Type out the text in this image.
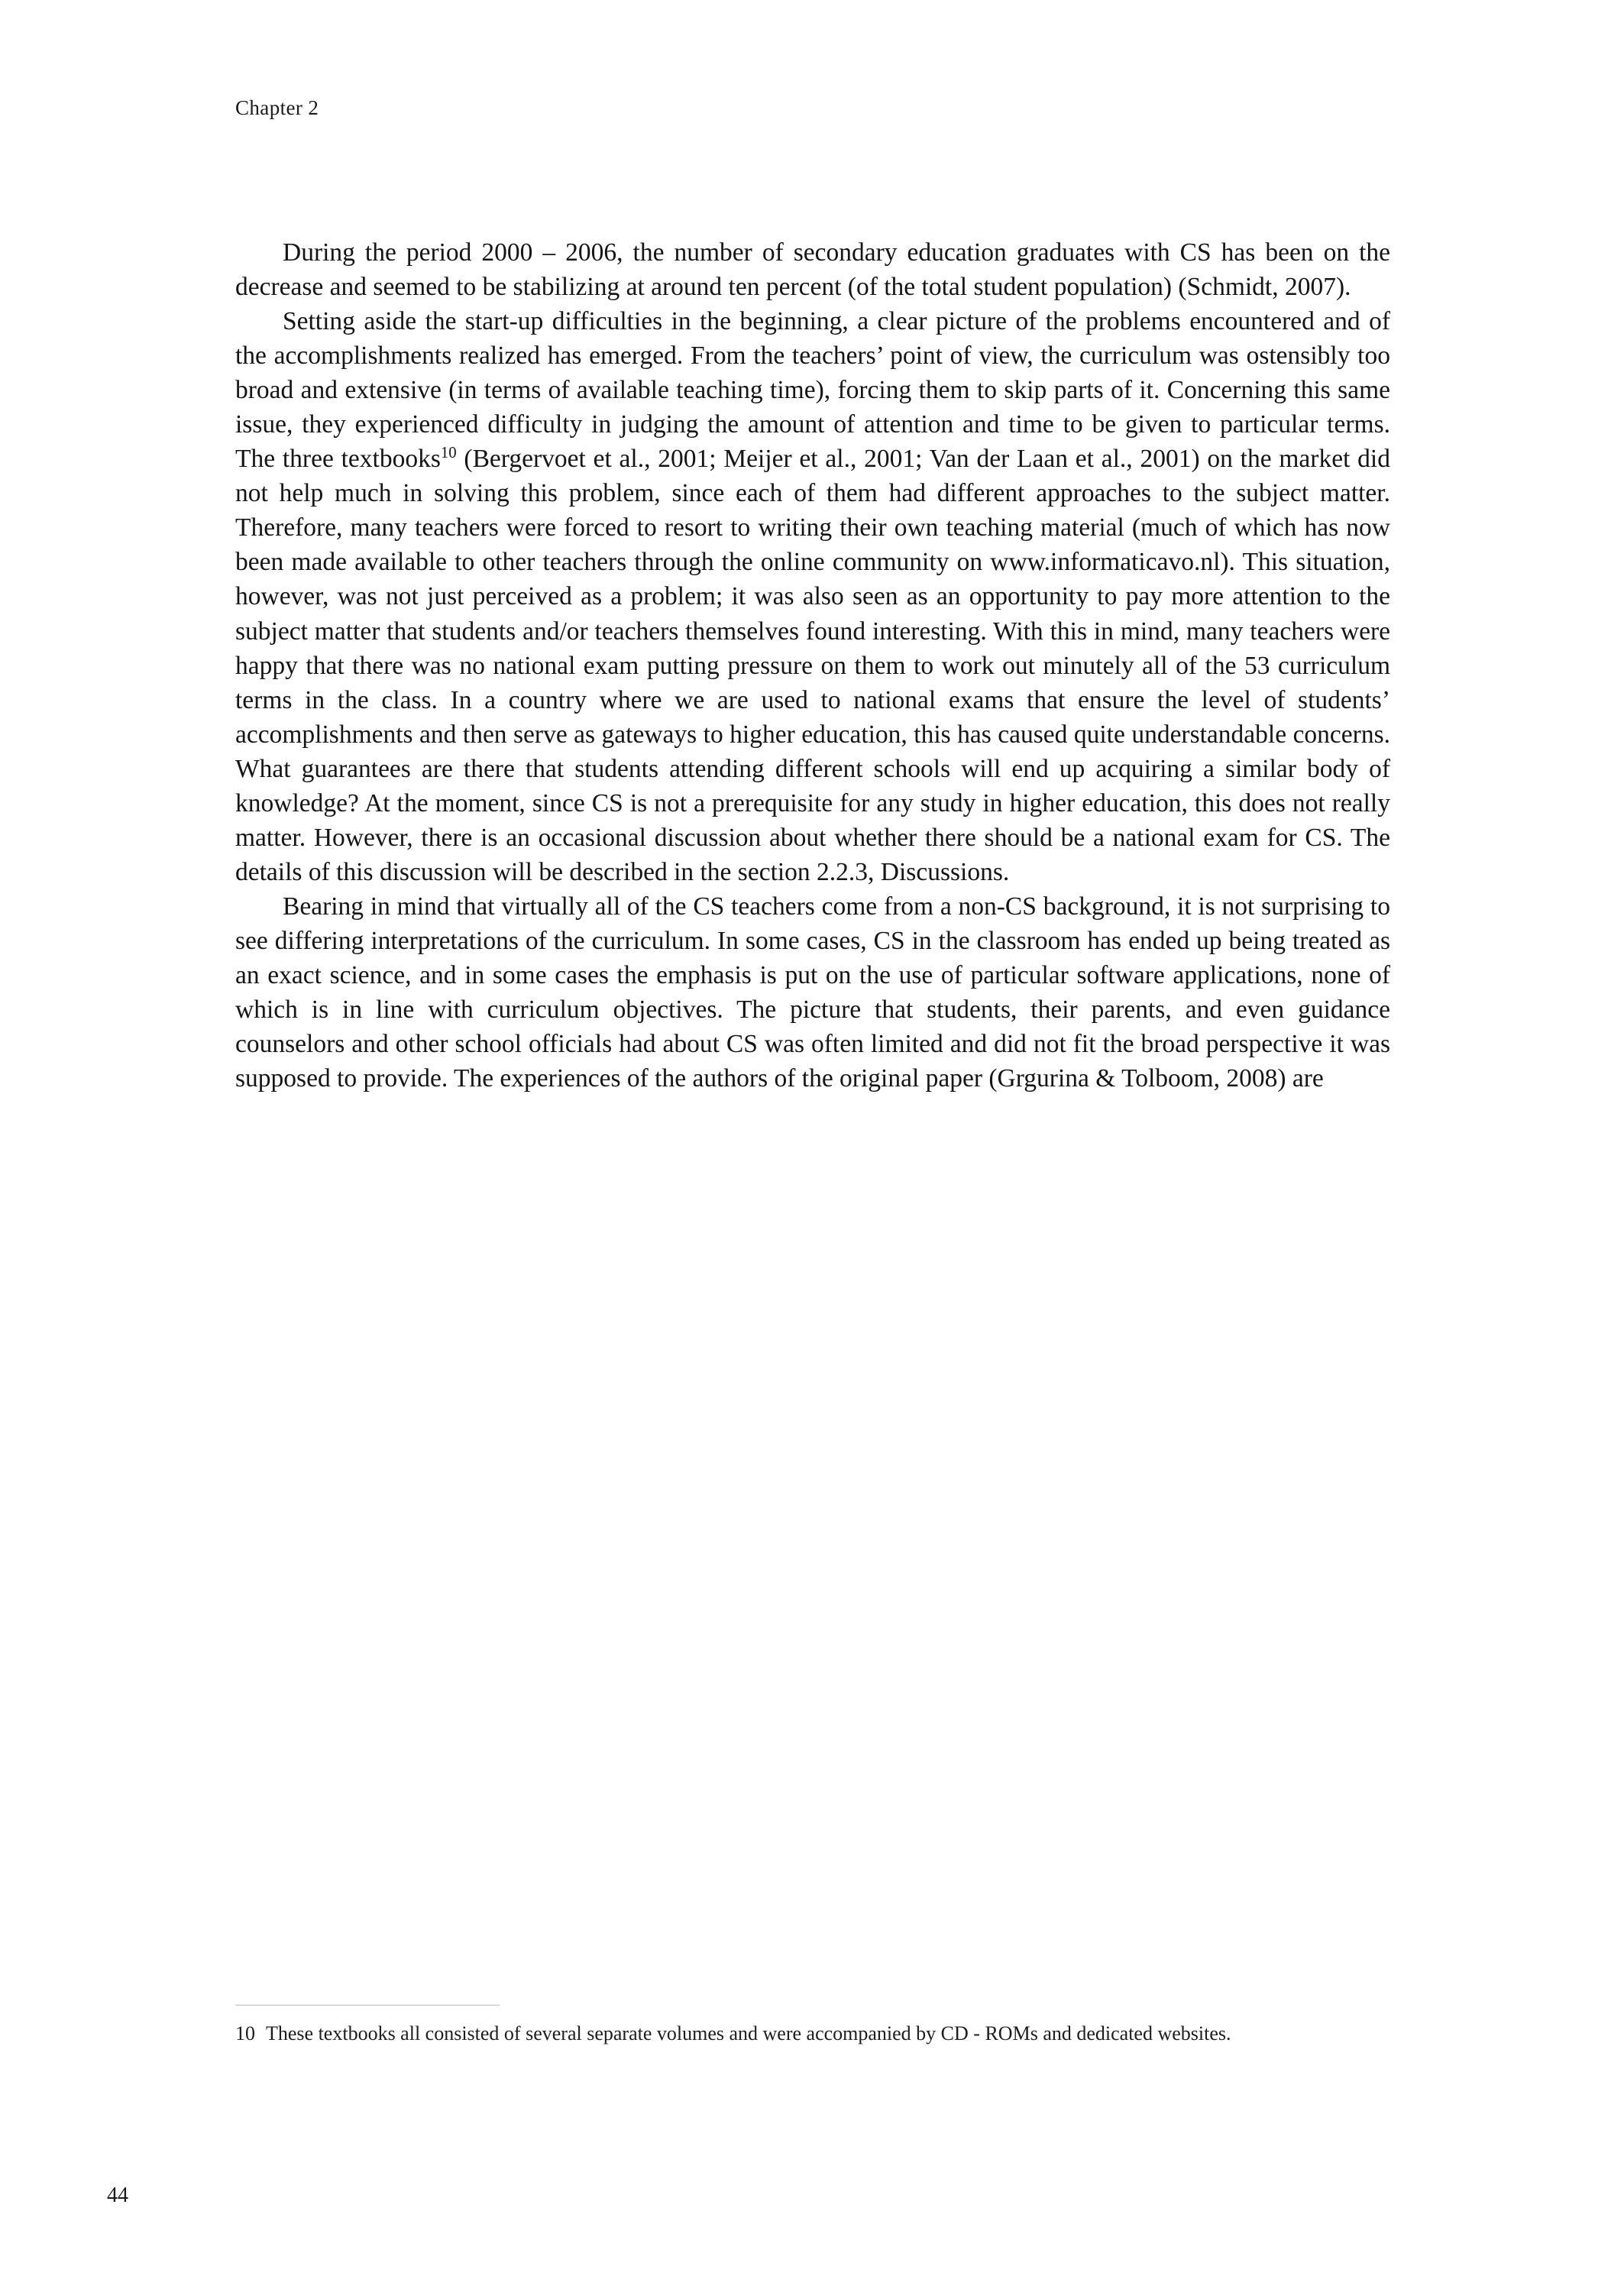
Chapter 2

During the period 2000 – 2006, the number of secondary education graduates with CS has been on the decrease and seemed to be stabilizing at around ten percent (of the total student population) (Schmidt, 2007).

Setting aside the start-up difficulties in the beginning, a clear picture of the problems encountered and of the accomplishments realized has emerged. From the teachers’ point of view, the curriculum was ostensibly too broad and extensive (in terms of available teaching time), forcing them to skip parts of it. Concerning this same issue, they experienced difficulty in judging the amount of attention and time to be given to particular terms. The three textbooks$^{10}$ (Bergervoet et al., 2001; Meijer et al., 2001; Van der Laan et al., 2001) on the market did not help much in solving this problem, since each of them had different approaches to the subject matter. Therefore, many teachers were forced to resort to writing their own teaching material (much of which has now been made available to other teachers through the online community on www.informaticavo.nl). This situation, however, was not just perceived as a problem; it was also seen as an opportunity to pay more attention to the subject matter that students and/or teachers themselves found interesting. With this in mind, many teachers were happy that there was no national exam putting pressure on them to work out minutely all of the 53 curriculum terms in the class. In a country where we are used to national exams that ensure the level of students’ accomplishments and then serve as gateways to higher education, this has caused quite understandable concerns. What guarantees are there that students attending different schools will end up acquiring a similar body of knowledge? At the moment, since CS is not a prerequisite for any study in higher education, this does not really matter. However, there is an occasional discussion about whether there should be a national exam for CS. The details of this discussion will be described in the section 2.2.3, Discussions.

Bearing in mind that virtually all of the CS teachers come from a non-CS background, it is not surprising to see differing interpretations of the curriculum. In some cases, CS in the classroom has ended up being treated as an exact science, and in some cases the emphasis is put on the use of particular software applications, none of which is in line with curriculum objectives. The picture that students, their parents, and even guidance counselors and other school officials had about CS was often limited and did not fit the broad perspective it was supposed to provide. The experiences of the authors of the original paper (Grgurina & Tolboom, 2008) are

10 These textbooks all consisted of several separate volumes and were accompanied by CD - ROMs and dedicated websites.

44
